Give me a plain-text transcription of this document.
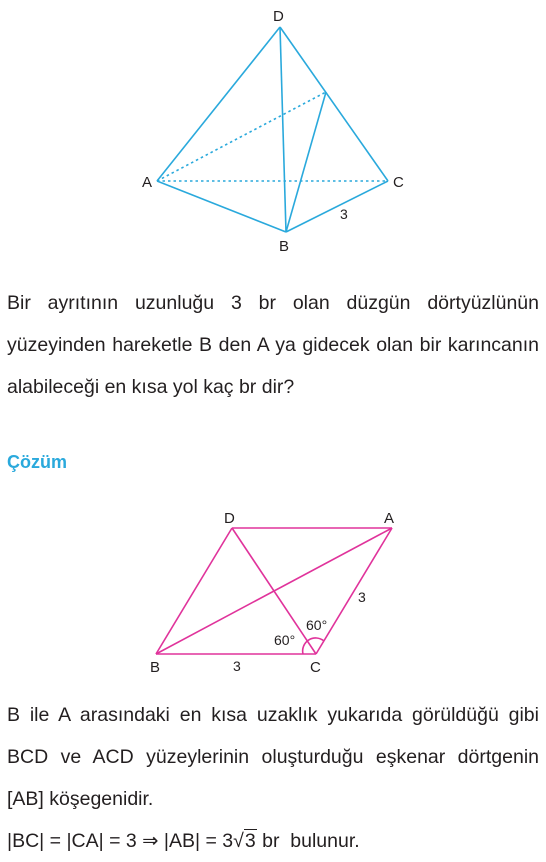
D
A	C
B
3

Bir ayrıtının uzunluğu 3 br olan düzgün dörtyüzlünün yüzeyinden hareketle B den A ya gidecek olan bir karıncanın alabileceği en kısa yol kaç br dir?

Çözüm
D	A
B	C
3
3
60°
60°
B ile A arasındaki en kısa uzaklık yukarıda görüldüğü gibi BCD ve ACD yüzeylerinin oluşturduğu eşkenar dörtgenin [AB] köşegenidir.
|BC| = |CA| = 3 ⇒ |AB| = 3√3 br  bulunur.
